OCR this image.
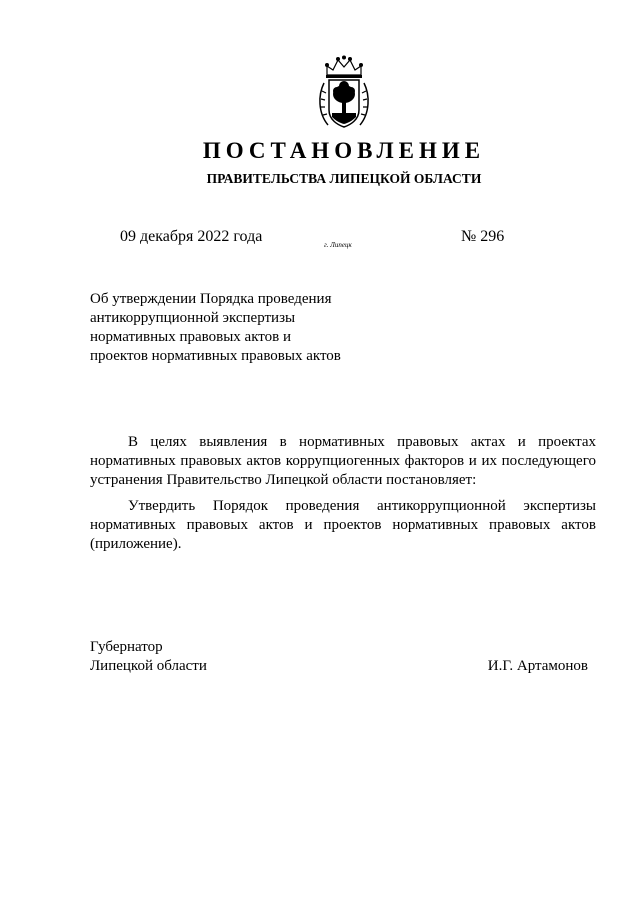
ПОСТАНОВЛЕНИЕ
ПРАВИТЕЛЬСТВА ЛИПЕЦКОЙ ОБЛАСТИ
09 декабря 2022 года	г. Липецк	№ 296
Об утверждении Порядка проведения
антикоррупционной экспертизы
нормативных правовых актов и
проектов нормативных правовых актов

В целях выявления в нормативных правовых актах и проектах нормативных правовых актов коррупциогенных факторов и их последующего устранения Правительство Липецкой области постановляет:

Утвердить Порядок проведения антикоррупционной экспертизы нормативных правовых актов и проектов нормативных правовых актов (приложение).

Губернатор
Липецкой области	И.Г. Артамонов
